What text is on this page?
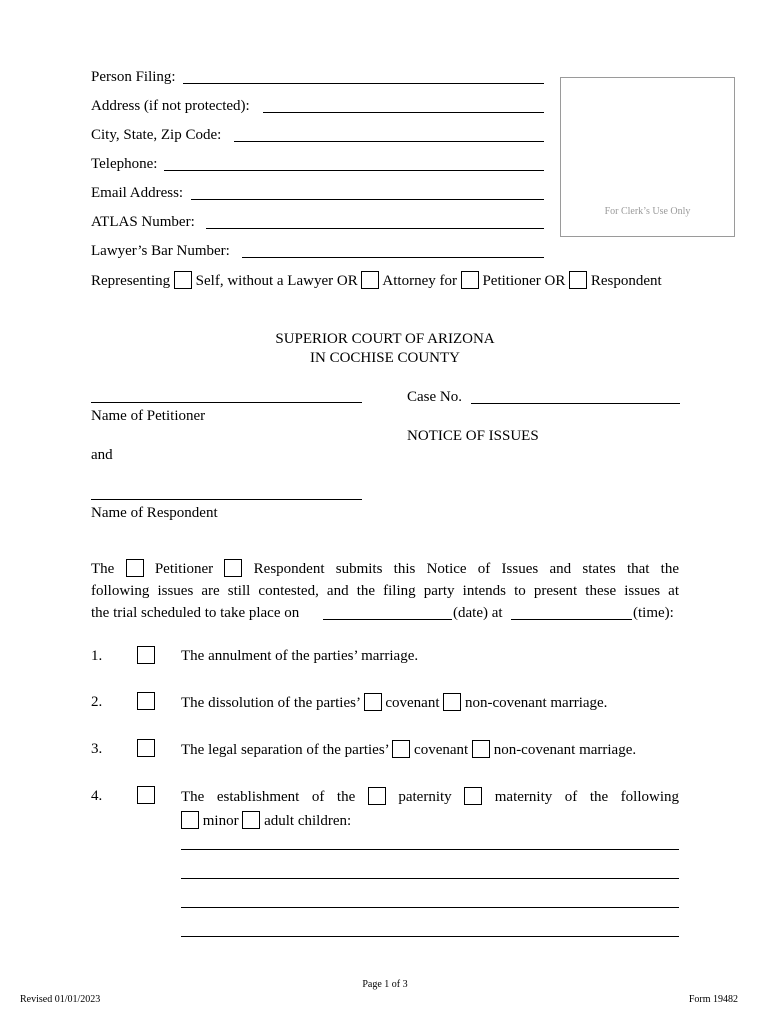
Person Filing:
Address (if not protected):
City, State, Zip Code:
Telephone:
Email Address:
ATLAS Number:
Lawyer’s Bar Number:
For Clerk’s Use Only
Representing Self, without a Lawyer OR Attorney for Petitioner OR Respondent
SUPERIOR COURT OF ARIZONA
IN COCHISE COUNTY
Name of Petitioner
and
Name of Respondent
Case No.
NOTICE OF ISSUES
The	Petitioner	Respondent submits this Notice of Issues and states that the
following issues are still contested, and the filing party intends to present these issues at
the trial scheduled to take place on	(date) at	(time):
1.	The annulment of the parties’ marriage.
2.	The dissolution of the parties’ covenant non-covenant marriage.
3.	The legal separation of the parties’ covenant non-covenant marriage.
4.	The establishment of the	paternity	maternity of the following
minor adult children:
Page 1 of 3
Revised 01/01/2023	Form 19482
